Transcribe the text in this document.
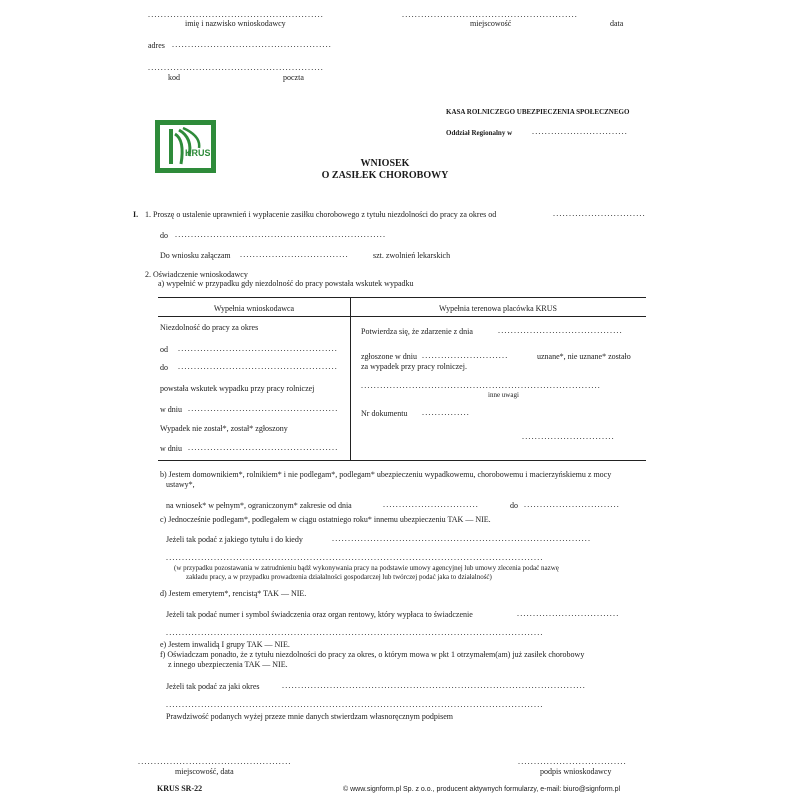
.......................................................
imię i nazwisko wnioskodawcy
.......................................................
miejscowość	data
adres ..................................................
.......................................................
kod	poczta
KASA ROLNICZEGO UBEZPIECZENIA SPOŁECZNEGO
Oddział Regionalny w ..............................
KRUS
WNIOSEK
O ZASIŁEK CHOROBOWY
I. 1. Proszę o ustalenie uprawnień i wypłacenie zasiłku chorobowego z tytułu niezdolności do pracy za okres od	.............................
do ..................................................................
Do wniosku załączam ..................................	szt. zwolnień lekarskich
2. Oświadczenie wnioskodawcy
a) wypełnić w przypadku gdy niezdolność do pracy powstała wskutek wypadku
Wypełnia wnioskodawca	Wypełnia terenowa placówka KRUS
Niezdolność do pracy za okres
od ..................................................
do ..................................................
powstała wskutek wypadku przy pracy rolniczej
w dniu ...............................................
Wypadek nie został*, został* zgłoszony
w dniu ...............................................
Potwierdza się, że zdarzenie z dnia	.......................................
zgłoszone w dniu ...........................	uznane*, nie uznane* zostało
za wypadek przy pracy rolniczej.
...........................................................................
inne uwagi
Nr dokumentu ...............
.............................
b) Jestem domownikiem*, rolnikiem* i nie podlegam*, podlegam* ubezpieczeniu wypadkowemu, chorobowemu i macierzyńskiemu z mocy
ustawy*,
na wniosek* w pełnym*, ograniczonym* zakresie od dnia	..............................	do ..............................
c) Jednocześnie podlegam*, podlegałem w ciągu ostatniego roku* innemu ubezpieczeniu TAK — NIE.
Jeżeli tak podać z jakiego tytułu i do kiedy	.................................................................................
......................................................................................................................
(w przypadku pozostawania w zatrudnieniu bądź wykonywania pracy na podstawie umowy agencyjnej lub umowy zlecenia podać nazwę
zakładu pracy, a w przypadku prowadzenia działalności gospodarczej lub twórczej podać jaka to działalność)
d) Jestem emerytem*, rencistą* TAK — NIE.
Jeżeli tak podać numer i symbol świadczenia oraz organ rentowy, który wypłaca to świadczenie	................................
......................................................................................................................
e) Jestem inwalidą I grupy TAK — NIE.
f) Oświadczam ponadto, że z tytułu niezdolności do pracy za okres, o którym mowa w pkt 1 otrzymałem(am) już zasiłek chorobowy
z innego ubezpieczenia TAK — NIE.
Jeżeli tak podać za jaki okres	...............................................................................................
......................................................................................................................
Prawdziwość podanych wyżej przeze mnie danych stwierdzam własnoręcznym podpisem
................................................
miejscowość, data
..................................
podpis wnioskodawcy
KRUS SR-22	© www.signform.pl Sp. z o.o., producent aktywnych formularzy, e-mail: biuro@signform.pl
